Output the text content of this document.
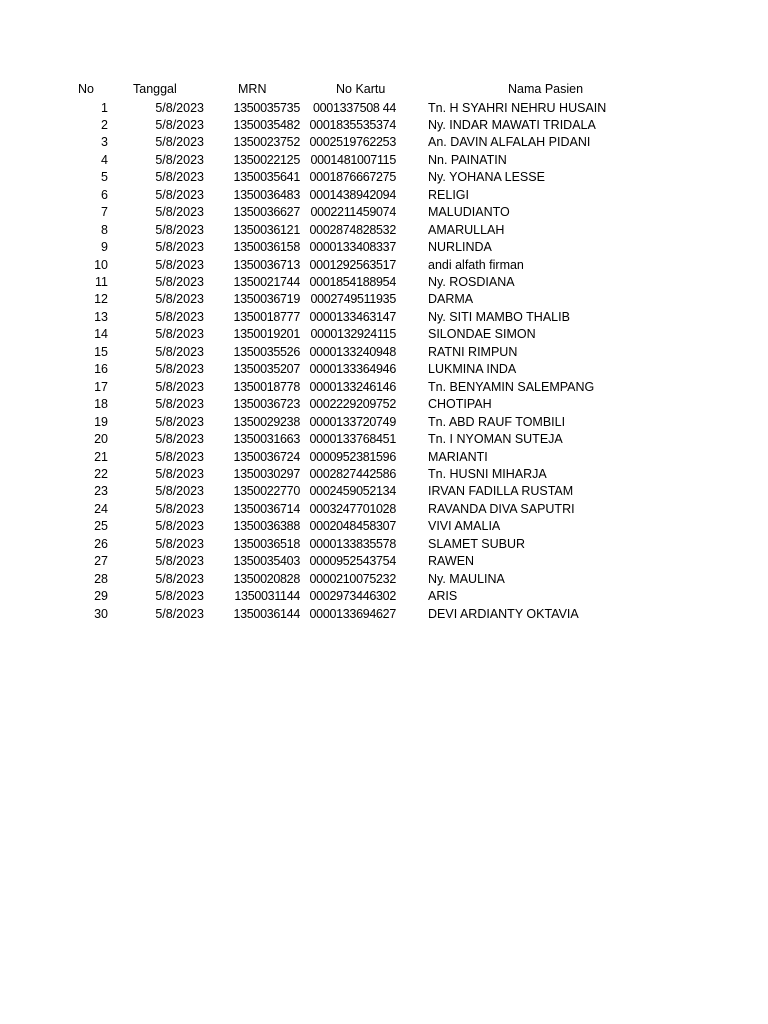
No	Tanggal	MRN	No Kartu	Nama Pasien
1	5/8/2023	1350035735	0001337508 44	Tn. H SYAHRI NEHRU HUSAIN
2	5/8/2023	1350035482 0001835535374	Ny. INDAR MAWATI TRIDALA
3	5/8/2023	1350023752 0002519762253	An. DAVIN ALFALAH PIDANI
4	5/8/2023	1350022125 0001481007115	Nn. PAINATIN
5	5/8/2023	1350035641 0001876667275	Ny. YOHANA LESSE
6	5/8/2023	1350036483 0001438942094	RELIGI
7	5/8/2023	1350036627 0002211459074	MALUDIANTO
8	5/8/2023	1350036121 0002874828532	AMARULLAH
9	5/8/2023	1350036158 0000133408337	NURLINDA
10	5/8/2023	1350036713 0001292563517	andi alfath firman
11	5/8/2023	1350021744 0001854188954	Ny. ROSDIANA
12	5/8/2023	1350036719 0002749511935	DARMA
13	5/8/2023	1350018777 0000133463147	Ny. SITI MAMBO THALIB
14	5/8/2023	1350019201 0000132924115	SILONDAE SIMON
15	5/8/2023	1350035526 0000133240948	RATNI RIMPUN
16	5/8/2023	1350035207 0000133364946	LUKMINA INDA
17	5/8/2023	1350018778 0000133246146	Tn. BENYAMIN SALEMPANG
18	5/8/2023	1350036723 0002229209752	CHOTIPAH
19	5/8/2023	1350029238 0000133720749	Tn. ABD RAUF TOMBILI
20	5/8/2023	1350031663 0000133768451	Tn. I NYOMAN SUTEJA
21	5/8/2023	1350036724 0000952381596	MARIANTI
22	5/8/2023	1350030297 0002827442586	Tn. HUSNI MIHARJA
23	5/8/2023	1350022770 0002459052134	IRVAN FADILLA RUSTAM
24	5/8/2023	1350036714 0003247701028	RAVANDA DIVA SAPUTRI
25	5/8/2023	1350036388 0002048458307	VIVI AMALIA
26	5/8/2023	1350036518 0000133835578	SLAMET SUBUR
27	5/8/2023	1350035403 0000952543754	RAWEN
28	5/8/2023	1350020828 0000210075232	Ny. MAULINA
29	5/8/2023	1350031144 0002973446302	ARIS
30	5/8/2023	1350036144 0000133694627	DEVI ARDIANTY OKTAVIA
